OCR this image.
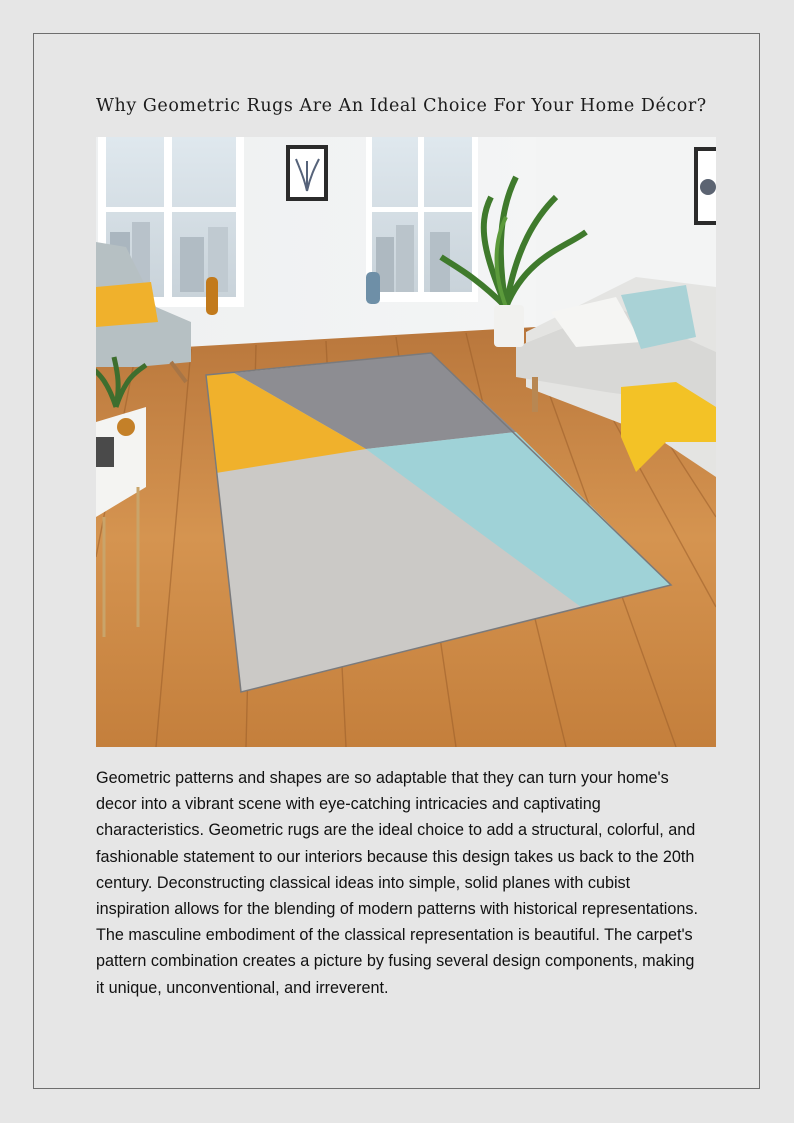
Why Geometric Rugs Are An Ideal Choice For Your Home Décor?

Geometric patterns and shapes are so adaptable that they can turn your home's decor into a vibrant scene with eye-catching intricacies and captivating characteristics. Geometric rugs are the ideal choice to add a structural, colorful, and fashionable statement to our interiors because this design takes us back to the 20th century. Deconstructing classical ideas into simple, solid planes with cubist inspiration allows for the blending of modern patterns with historical representations. The masculine embodiment of the classical representation is beautiful. The carpet's pattern combination creates a picture by fusing several design components, making it unique, unconventional, and irreverent.
